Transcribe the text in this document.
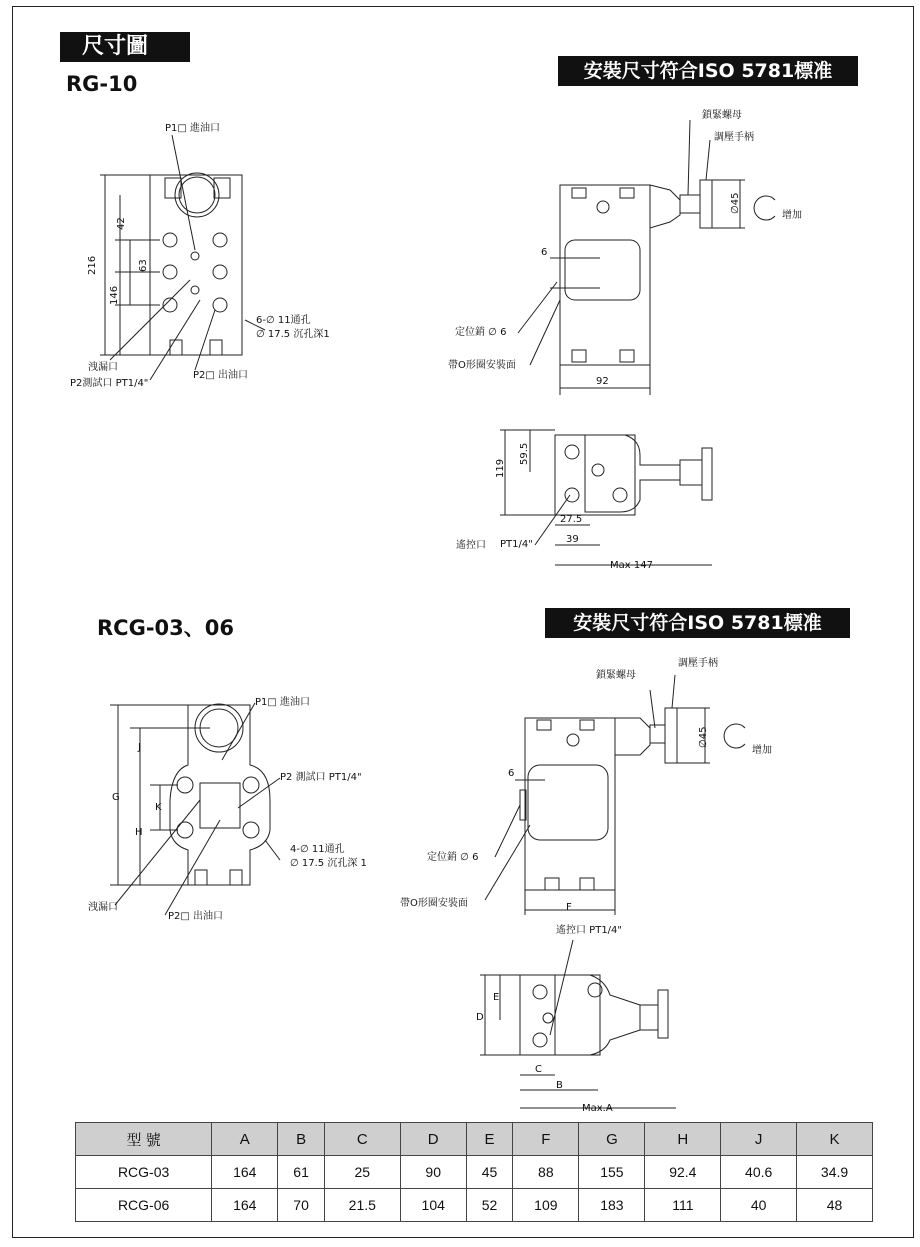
尺寸圖
安裝尺寸符合ISO 5781標准
安裝尺寸符合ISO 5781標准
RG-10
RCG-03、06
P1□ 進油口
216
146
63
42
6-∅ 11通孔
∅ 17.5 沉孔深1
洩漏口
P2測試口 PT1/4"
P2□ 出油口
鎖緊螺母
調壓手柄
∅45
增加
6
定位銷 ∅ 6
帶O形圈安裝面
92
119
59.5
27.5
39
遙控口 PT1/4"
Max 147
P1□ 進油口
P2 測試口 PT1/4"
4-∅ 11通孔
∅ 17.5 沉孔深 1
洩漏口
P2□ 出油口
G
H
K
J
鎖緊螺母
調壓手柄
∅45
增加
6
定位銷 ∅ 6
帶O形圈安裝面	F
遙控口 PT1/4"
D
E
C
B
Max.A
型 號	A	B	C	D	E	F	G	H	J	K
RCG-03	164	61	25	90	45	88	155	92.4	40.6	34.9
RCG-06	164	70	21.5	104	52	109	183	111	40	48
